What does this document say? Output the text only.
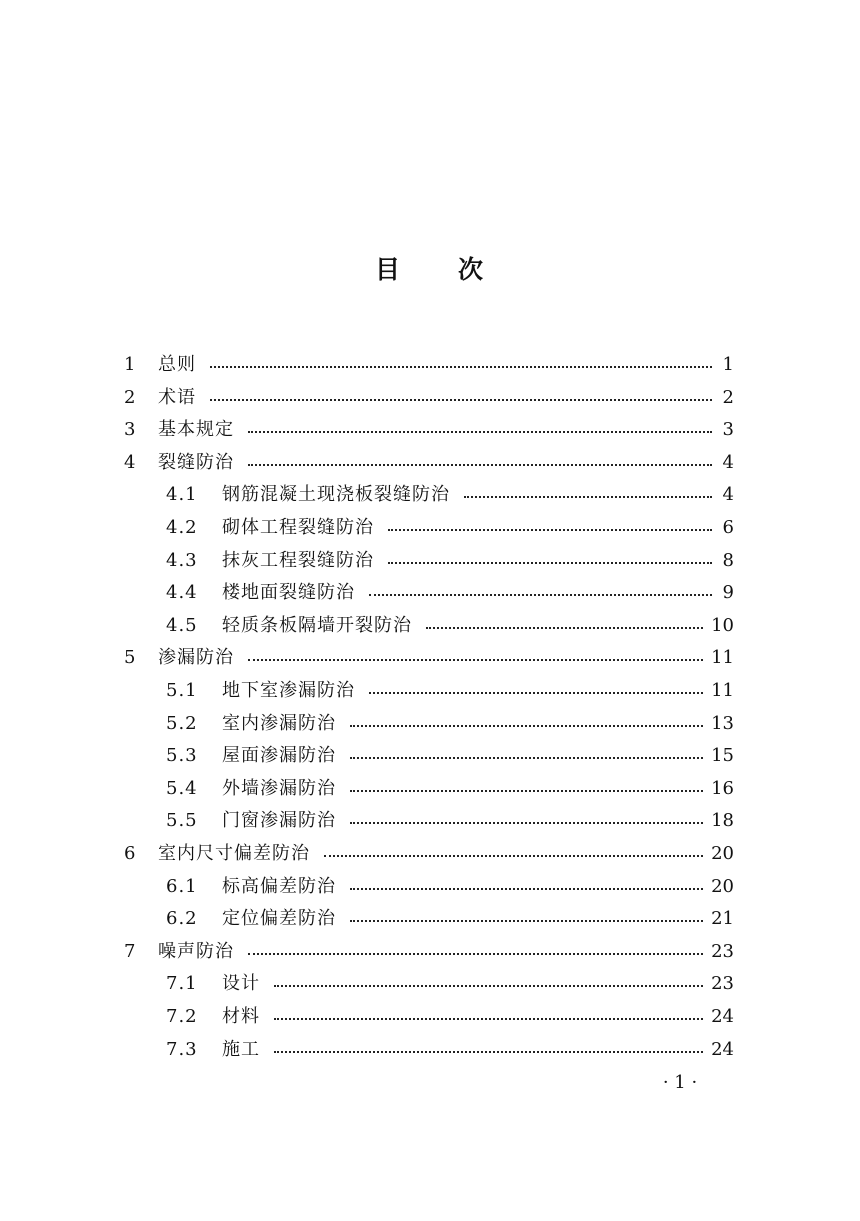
目 次
1	总则	1
2	术语	2
3	基本规定	3
4	裂缝防治	4
4.1	钢筋混凝土现浇板裂缝防治	4
4.2	砌体工程裂缝防治	6
4.3	抹灰工程裂缝防治	8
4.4	楼地面裂缝防治	9
4.5	轻质条板隔墙开裂防治	10
5	渗漏防治	11
5.1	地下室渗漏防治	11
5.2	室内渗漏防治	13
5.3	屋面渗漏防治	15
5.4	外墙渗漏防治	16
5.5	门窗渗漏防治	18
6	室内尺寸偏差防治	20
6.1	标高偏差防治	20
6.2	定位偏差防治	21
7	噪声防治	23
7.1	设计	23
7.2	材料	24
7.3	施工	24
· 1 ·
